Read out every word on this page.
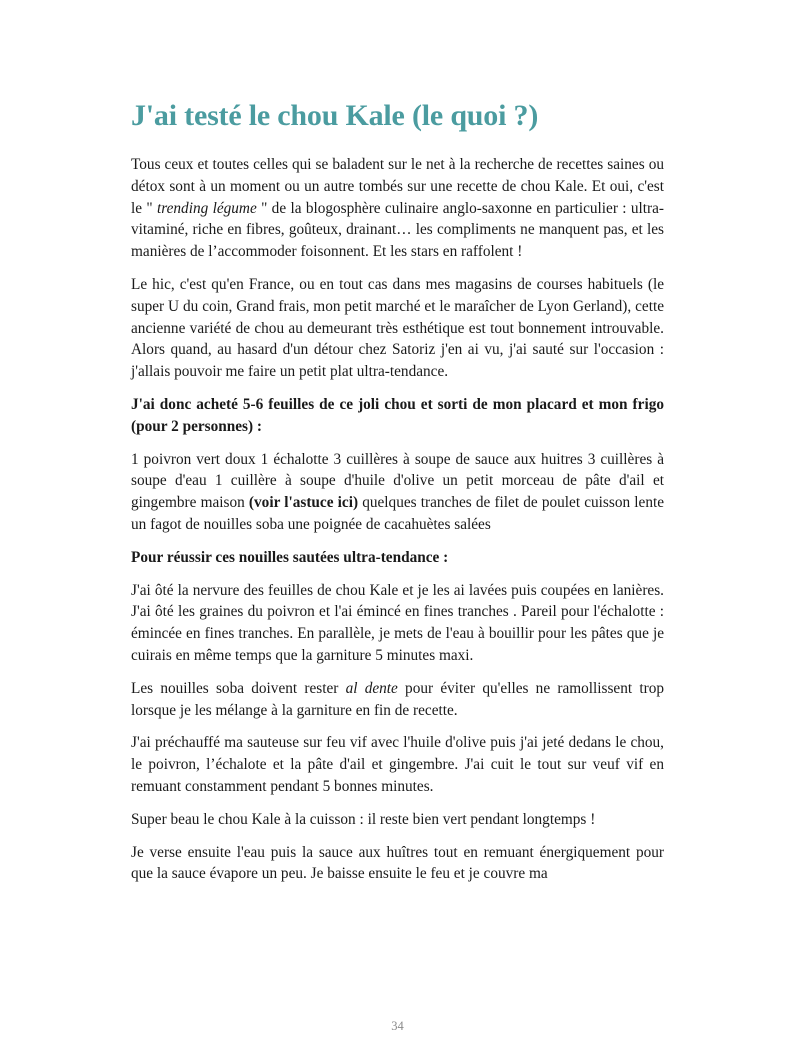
J'ai testé le chou Kale (le quoi ?)

Tous ceux et toutes celles qui se baladent sur le net à la recherche de recettes saines ou détox sont à un moment ou un autre tombés sur une recette de chou Kale. Et oui, c'est le " trending légume " de la blogosphère culinaire anglo-saxonne en particulier : ultra-vitaminé, riche en fibres, goûteux, drainant… les compliments ne manquent pas, et les manières de l’accommoder foisonnent. Et les stars en raffolent !

Le hic, c'est qu'en France, ou en tout cas dans mes magasins de courses habituels (le super U du coin, Grand frais, mon petit marché et le maraîcher de Lyon Gerland), cette ancienne variété de chou au demeurant très esthétique est tout bonnement introuvable. Alors quand, au hasard d'un détour chez Satoriz j'en ai vu, j'ai sauté sur l'occasion : j'allais pouvoir me faire un petit plat ultra-tendance.

J'ai donc acheté 5-6 feuilles de ce joli chou et sorti de mon placard et mon frigo (pour 2 personnes) :

1 poivron vert doux 1 échalotte 3 cuillères à soupe de sauce aux huitres 3 cuillères à soupe d'eau 1 cuillère à soupe d'huile d'olive un petit morceau de pâte d'ail et gingembre maison (voir l'astuce ici) quelques tranches de filet de poulet cuisson lente un fagot de nouilles soba une poignée de cacahuètes salées

Pour réussir ces nouilles sautées ultra-tendance :

J'ai ôté la nervure des feuilles de chou Kale et je les ai lavées puis coupées en lanières. J'ai ôté les graines du poivron et l'ai émincé en fines tranches . Pareil pour l'échalotte : émincée en fines tranches. En parallèle, je mets de l'eau à bouillir pour les pâtes que je cuirais en même temps que la garniture 5 minutes maxi.

Les nouilles soba doivent rester al dente pour éviter qu'elles ne ramollissent trop lorsque je les mélange à la garniture en fin de recette.

J'ai préchauffé ma sauteuse sur feu vif avec l'huile d'olive puis j'ai jeté dedans le chou, le poivron, l’échalote et la pâte d'ail et gingembre. J'ai cuit le tout sur veuf vif en remuant constamment pendant 5 bonnes minutes.

Super beau le chou Kale à la cuisson : il reste bien vert pendant longtemps !

Je verse ensuite l'eau puis la sauce aux huîtres tout en remuant énergiquement pour que la sauce évapore un peu. Je baisse ensuite le feu et je couvre ma

34
